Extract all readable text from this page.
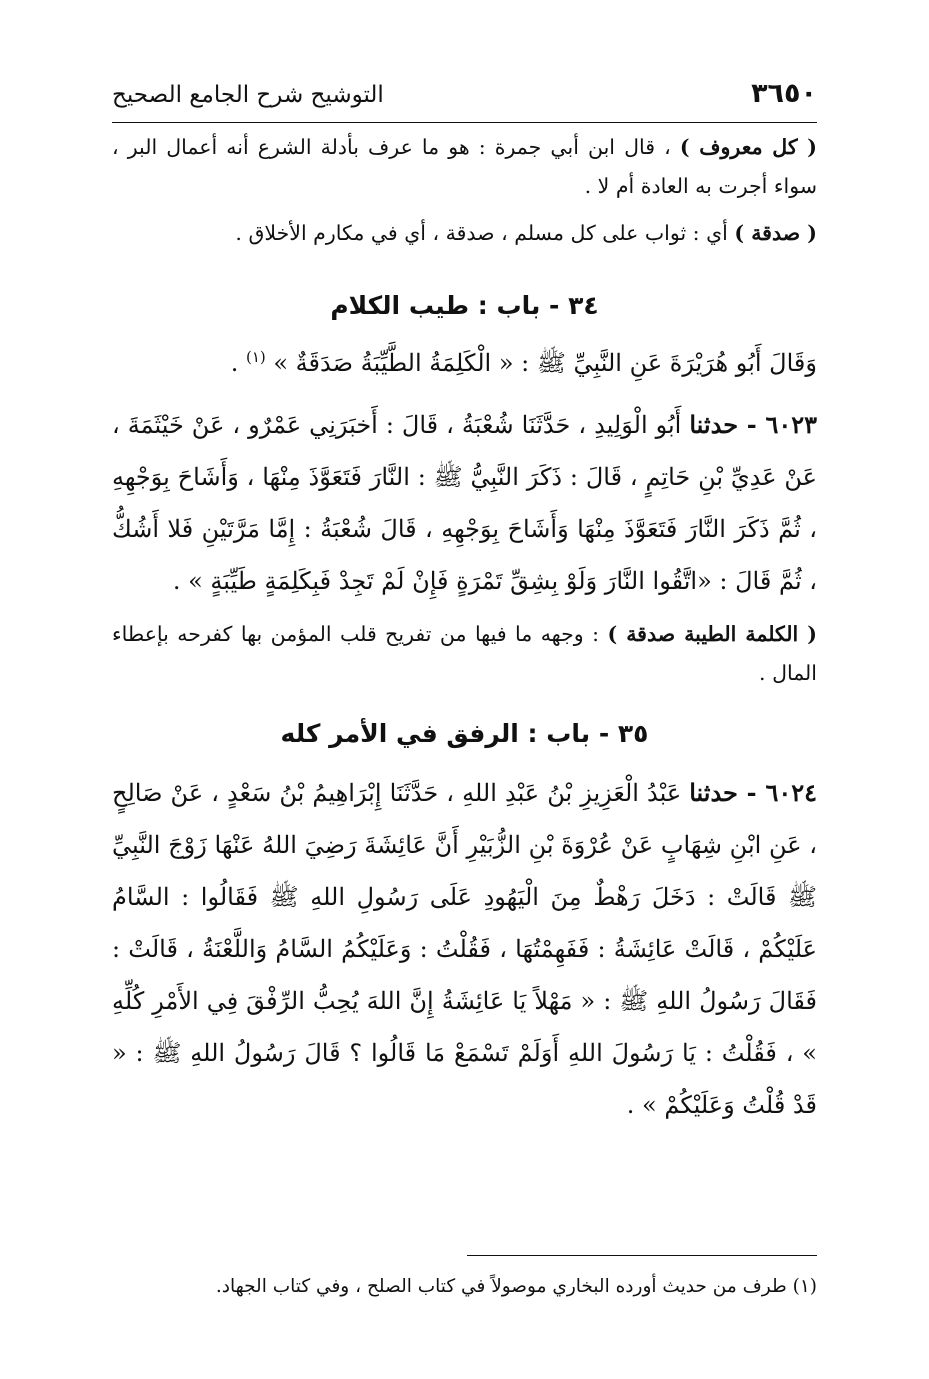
٣٦٥٠
التوشيح شرح الجامع الصحيح

( كل معروف ) ، قال ابن أبي جمرة : هو ما عرف بأدلة الشرع أنه أعمال البر ، سواء أجرت به العادة أم لا .

( صدقة ) أي : ثواب على كل مسلم ، صدقة ، أي في مكارم الأخلاق .

٣٤ - باب : طيب الكلام

وَقَالَ أَبُو هُرَيْرَةَ عَنِ النَّبِيِّ ﷺ : « الْكَلِمَةُ الطَّيِّبَةُ صَدَقَةٌ » $^{(١)}$ .

٦٠٢٣ - حدثنا أَبُو الْوَلِيدِ ، حَدَّثَنَا شُعْبَةُ ، قَالَ : أَخبَرَنِي عَمْرٌو ، عَنْ خَيْثَمَةَ ، عَنْ عَدِيِّ بْنِ حَاتِمٍ ، قَالَ : ذَكَرَ النَّبِيُّ ﷺ : النَّارَ فَتَعَوَّذَ مِنْهَا ، وَأَشَاحَ بِوَجْهِهِ ، ثُمَّ ذَكَرَ النَّارَ فَتَعَوَّذَ مِنْهَا وَأَشَاحَ بِوَجْهِهِ ، قَالَ شُعْبَةُ : إِمَّا مَرَّتَيْنِ فَلا أَشُكُّ ، ثُمَّ قَالَ : «اتَّقُوا النَّارَ وَلَوْ بِشِقِّ تَمْرَةٍ فَإِنْ لَمْ تَجِدْ فَبِكَلِمَةٍ طَيِّبَةٍ » .

( الكلمة الطيبة صدقة ) : وجهه ما فيها من تفريح قلب المؤمن بها كفرحه بإعطاء المال .

٣٥ - باب : الرفق في الأمر كله

٦٠٢٤ - حدثنا عَبْدُ الْعَزِيزِ بْنُ عَبْدِ اللهِ ، حَدَّثَنَا إِبْرَاهِيمُ بْنُ سَعْدٍ ، عَنْ صَالِحٍ ، عَنِ ابْنِ شِهَابٍ عَنْ عُرْوَةَ بْنِ الزُّبَيْرِ أَنَّ عَائِشَةَ رَضِيَ اللهُ عَنْهَا زَوْجَ النَّبِيِّ ﷺ قَالَتْ : دَخَلَ رَهْطٌ مِنَ الْيَهُودِ عَلَى رَسُولِ اللهِ ﷺ فَقَالُوا : السَّامُ عَلَيْكُمْ ، قَالَتْ عَائِشَةُ : فَفَهِمْتُهَا ، فَقُلْتُ : وَعَلَيْكُمُ السَّامُ وَاللَّعْنَةُ ، قَالَتْ : فَقَالَ رَسُولُ اللهِ ﷺ : « مَهْلاً يَا عَائِشَةُ إِنَّ اللهَ يُحِبُّ الرِّفْقَ فِي الأَمْرِ كُلِّهِ » ، فَقُلْتُ : يَا رَسُولَ اللهِ أَوَلَمْ تَسْمَعْ مَا قَالُوا ؟ قَالَ رَسُولُ اللهِ ﷺ : « قَدْ قُلْتُ وَعَلَيْكُمْ » .

(١) طرف من حديث أورده البخاري موصولاً في كتاب الصلح ، وفي كتاب الجهاد.
